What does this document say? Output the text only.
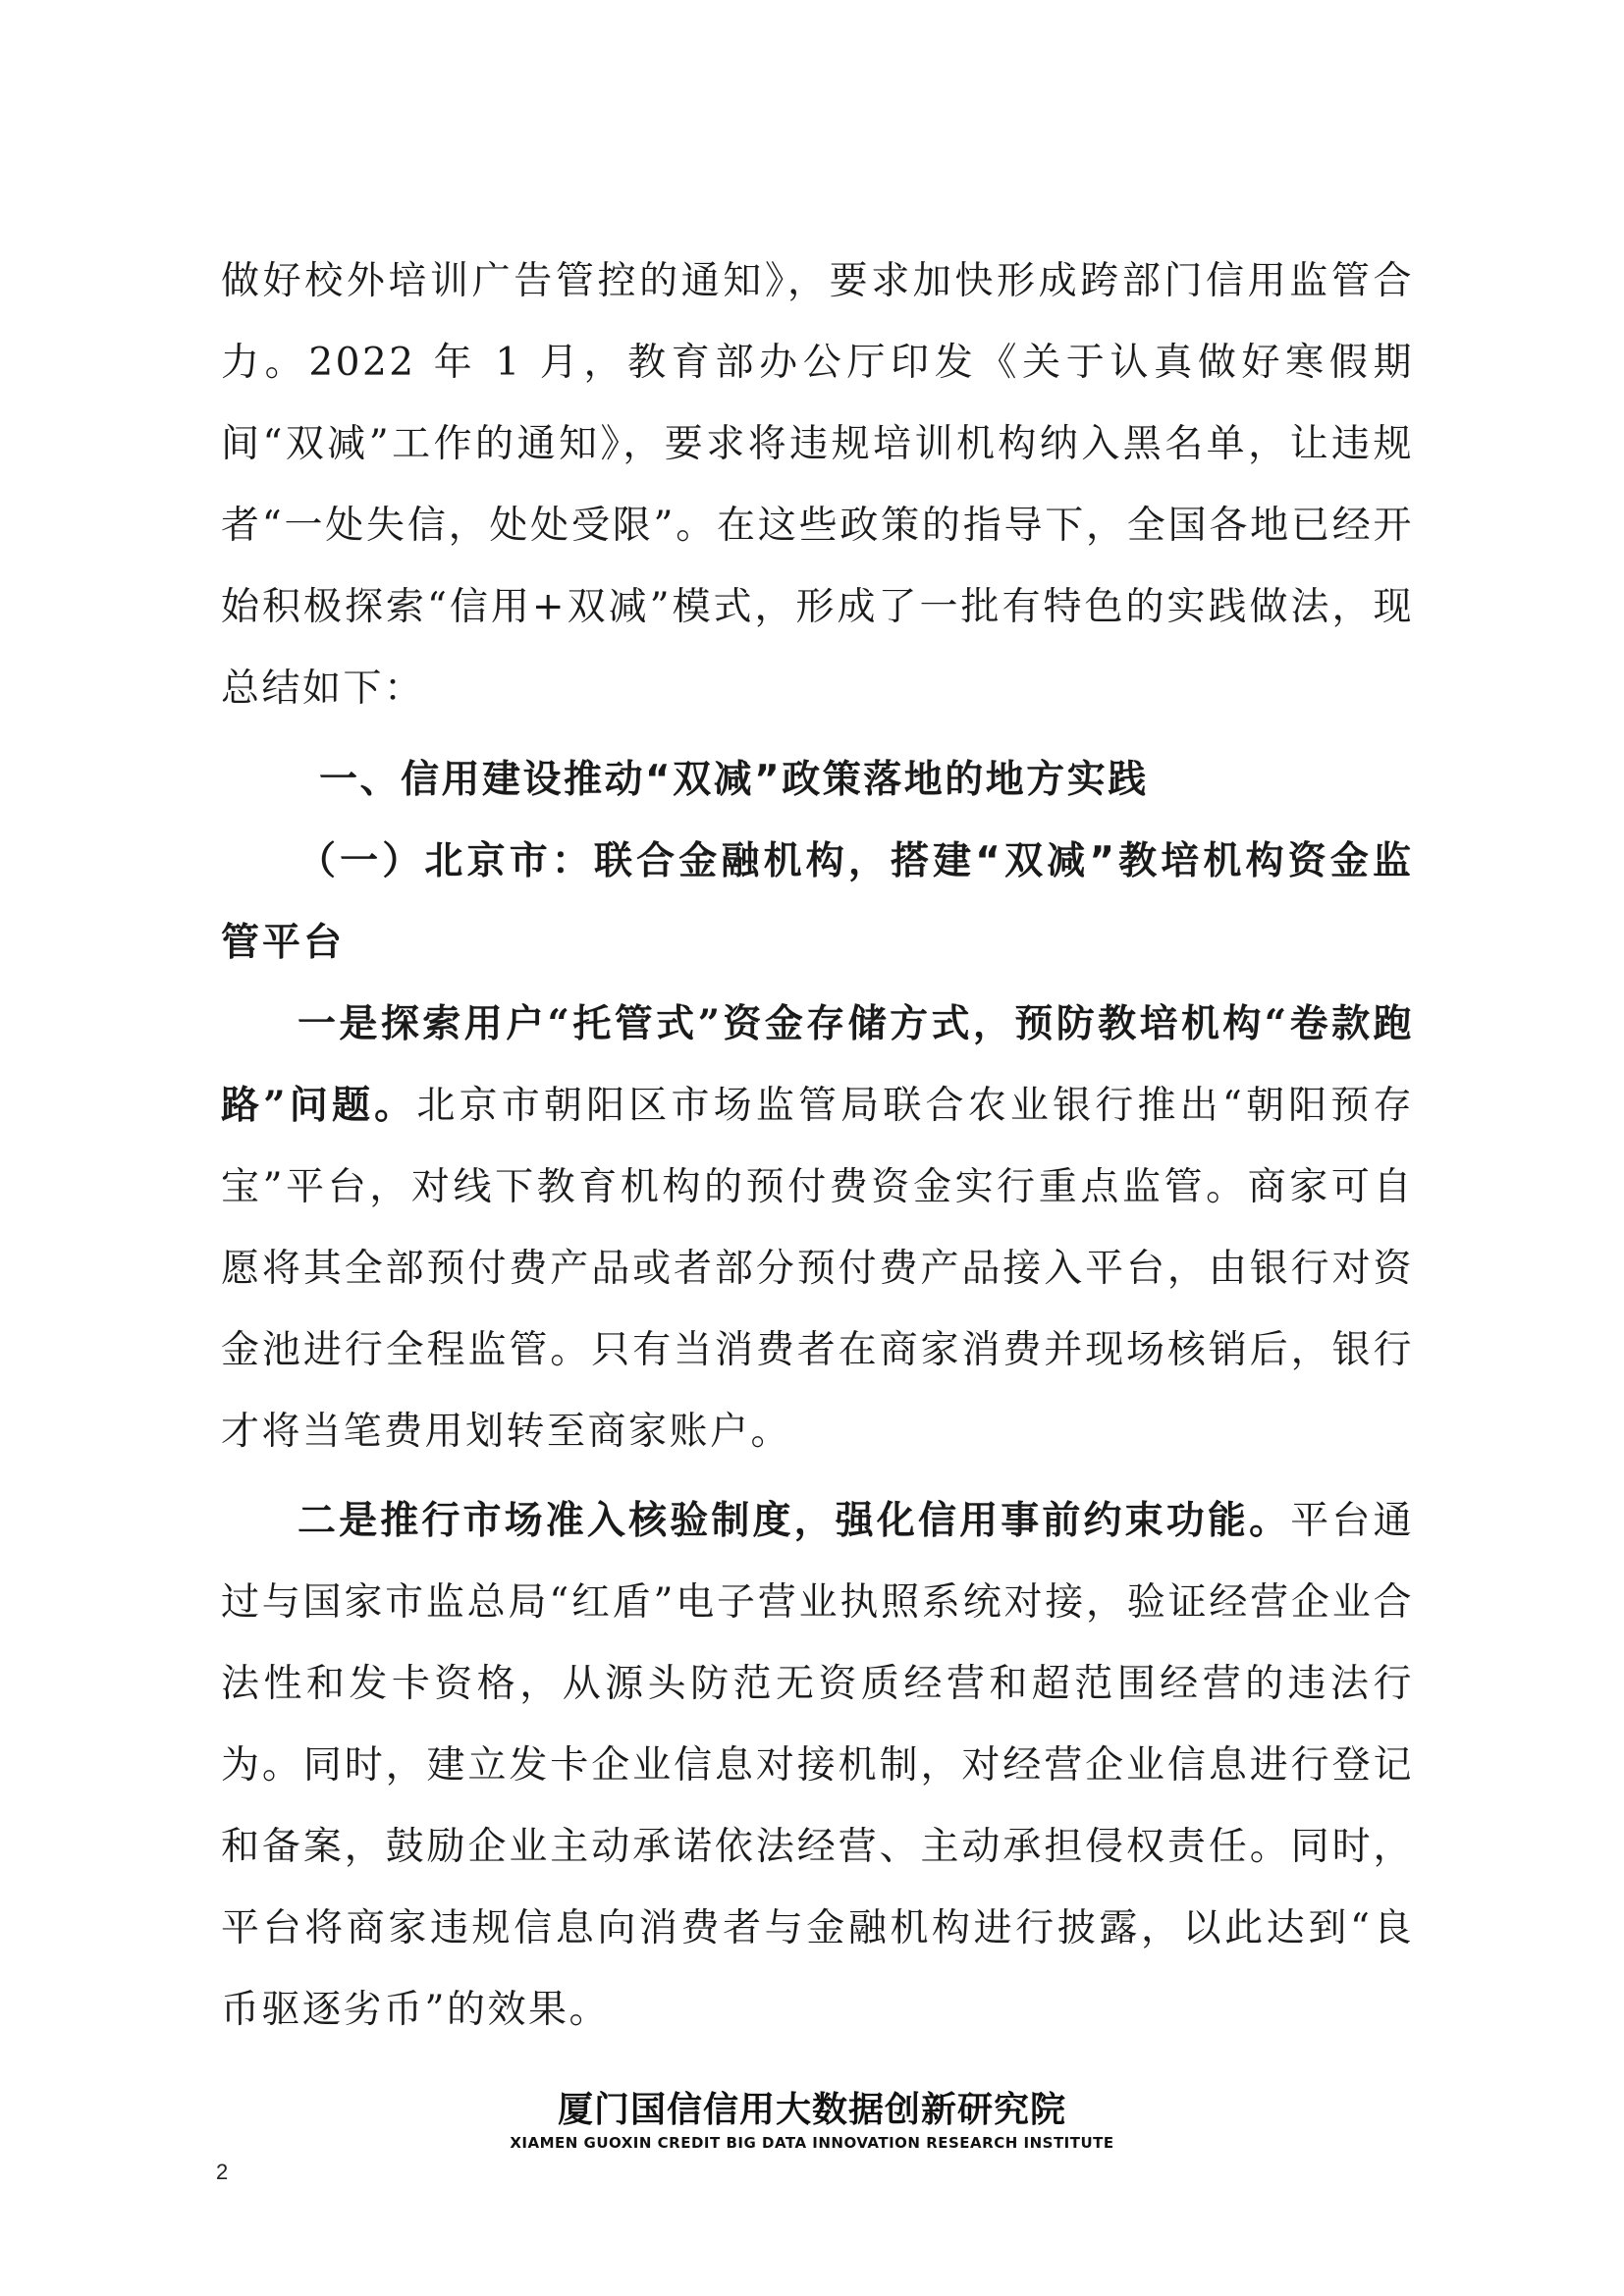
做好校外培训广告管控的通知》，要求加快形成跨部门信用监管合力。2022 年 1 月，教育部办公厅印发《关于认真做好寒假期间“双减”工作的通知》，要求将违规培训机构纳入黑名单，让违规者“一处失信，处处受限”。在这些政策的指导下，全国各地已经开始积极探索“信用+双减”模式，形成了一批有特色的实践做法，现总结如下：

一、信用建设推动“双减”政策落地的地方实践
（一）北京市：联合金融机构，搭建“双减”教培机构资金监管平台

一是探索用户“托管式”资金存储方式，预防教培机构“卷款跑路”问题。北京市朝阳区市场监管局联合农业银行推出“朝阳预存宝”平台，对线下教育机构的预付费资金实行重点监管。商家可自愿将其全部预付费产品或者部分预付费产品接入平台，由银行对资金池进行全程监管。只有当消费者在商家消费并现场核销后，银行才将当笔费用划转至商家账户。

二是推行市场准入核验制度，强化信用事前约束功能。平台通过与国家市监总局“红盾”电子营业执照系统对接，验证经营企业合法性和发卡资格，从源头防范无资质经营和超范围经营的违法行为。同时，建立发卡企业信息对接机制，对经营企业信息进行登记和备案，鼓励企业主动承诺依法经营、主动承担侵权责任。同时，平台将商家违规信息向消费者与金融机构进行披露，以此达到“良币驱逐劣币”的效果。

厦门国信信用大数据创新研究院
XIAMEN GUOXIN CREDIT BIG DATA INNOVATION RESEARCH INSTITUTE
2
